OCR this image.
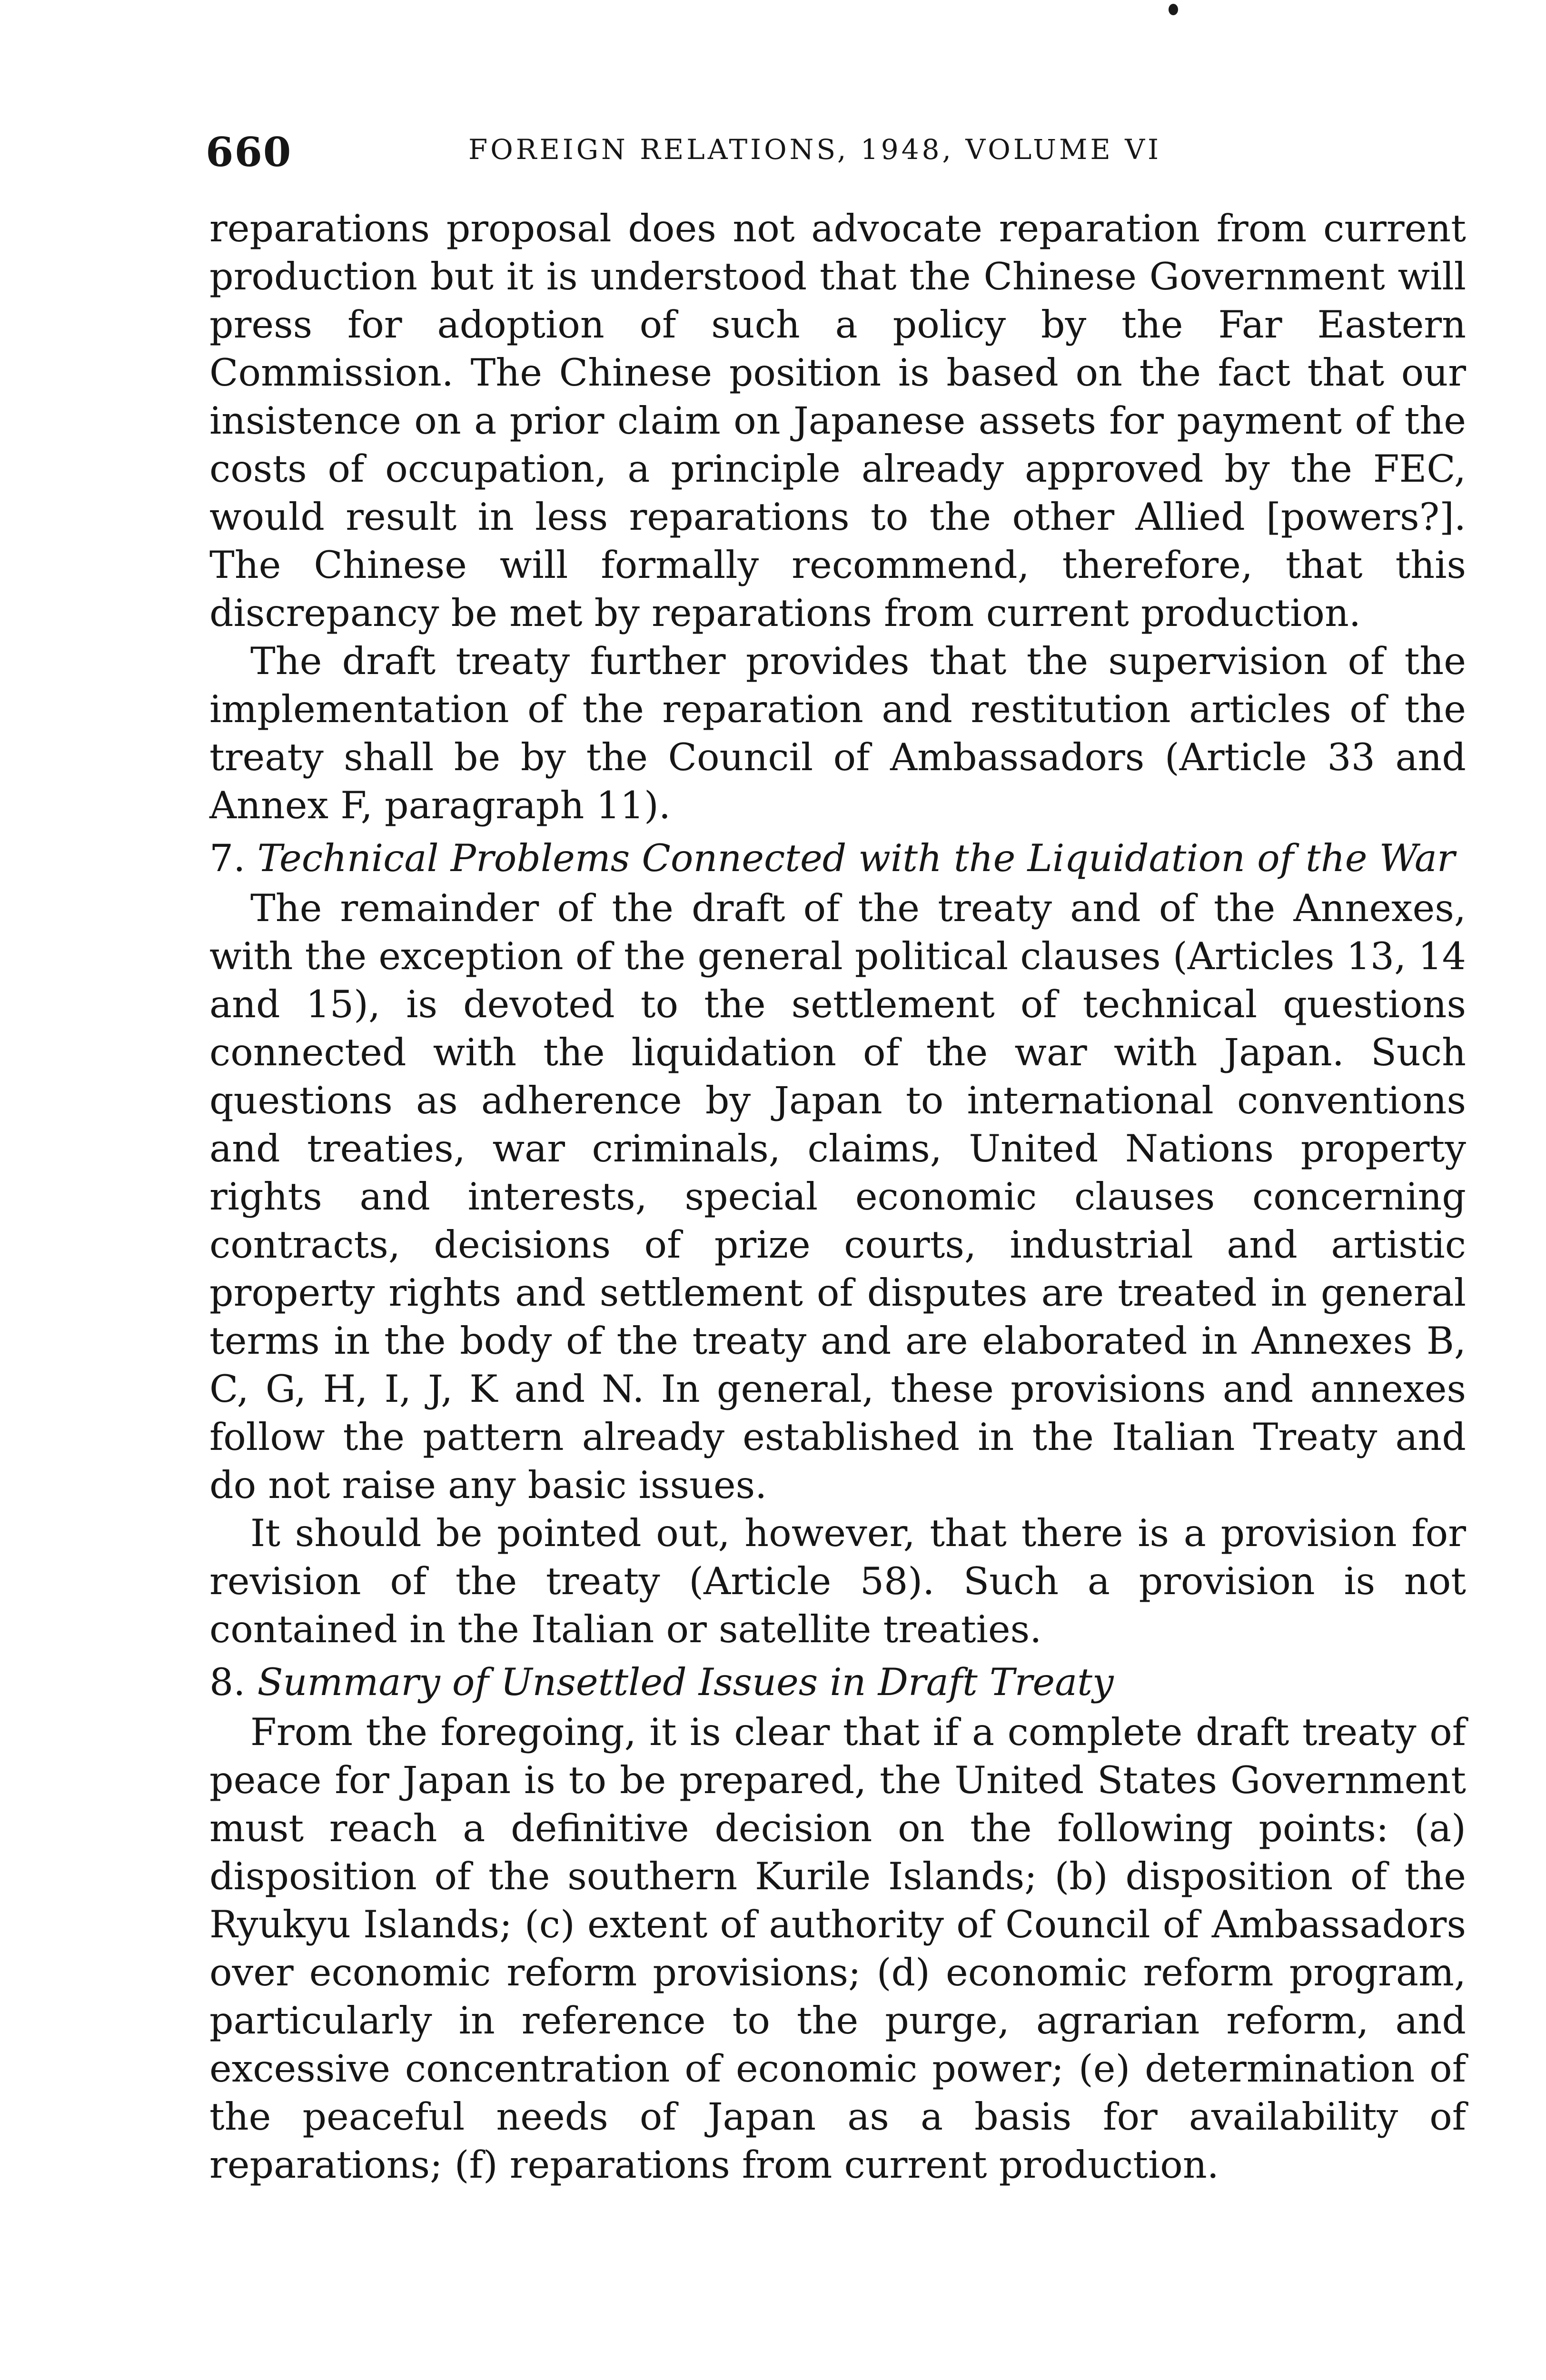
660	FOREIGN RELATIONS, 1948, VOLUME VI

reparations proposal does not advocate reparation from current production but it is understood that the Chinese Government will press for adoption of such a policy by the Far Eastern Commission. The Chinese position is based on the fact that our insistence on a prior claim on Japanese assets for payment of the costs of occupation, a principle already approved by the FEC, would result in less reparations to the other Allied [powers?]. The Chinese will formally recommend, therefore, that this discrepancy be met by reparations from current production.

The draft treaty further provides that the supervision of the implementation of the reparation and restitution articles of the treaty shall be by the Council of Ambassadors (Article 33 and Annex F, paragraph 11).

7. Technical Problems Connected with the Liquidation of the War

The remainder of the draft of the treaty and of the Annexes, with the exception of the general political clauses (Articles 13, 14 and 15), is devoted to the settlement of technical questions connected with the liquidation of the war with Japan. Such questions as adherence by Japan to international conventions and treaties, war criminals, claims, United Nations property rights and interests, special economic clauses concerning contracts, decisions of prize courts, industrial and artistic property rights and settlement of disputes are treated in general terms in the body of the treaty and are elaborated in Annexes B, C, G, H, I, J, K and N. In general, these provisions and annexes follow the pattern already established in the Italian Treaty and do not raise any basic issues.

It should be pointed out, however, that there is a provision for revision of the treaty (Article 58). Such a provision is not contained in the Italian or satellite treaties.

8. Summary of Unsettled Issues in Draft Treaty

From the foregoing, it is clear that if a complete draft treaty of peace for Japan is to be prepared, the United States Government must reach a definitive decision on the following points: (a) disposition of the southern Kurile Islands; (b) disposition of the Ryukyu Islands; (c) extent of authority of Council of Ambassadors over economic reform provisions; (d) economic reform program, particularly in reference to the purge, agrarian reform, and excessive concentration of economic power; (e) determination of the peaceful needs of Japan as a basis for availability of reparations; (f) reparations from current production.
